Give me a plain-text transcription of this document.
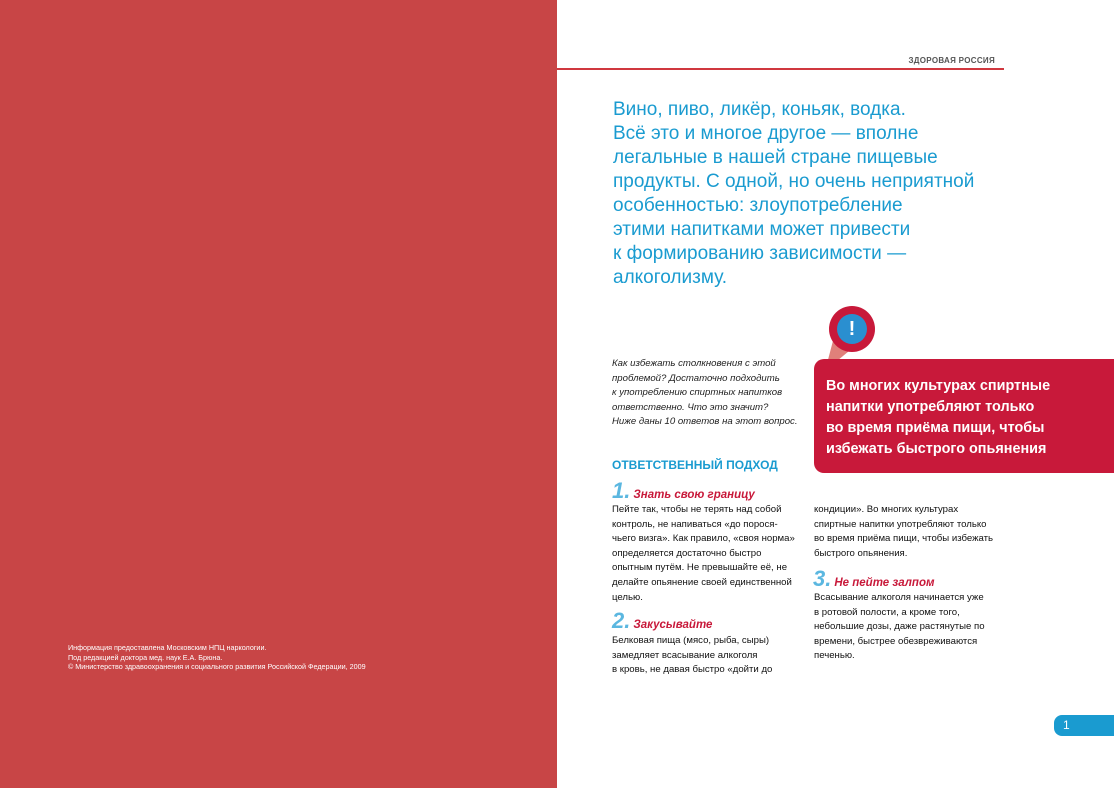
Информация предоставлена Московским НПЦ наркологии.
Под редакцией доктора мед. наук Е.А. Брюна.
© Министерство здравоохранения и социального развития Российской Федерации, 2009
ЗДОРОВАЯ РОССИЯ
Вино, пиво, ликёр, коньяк, водка.
Всё это и многое другое — вполне
легальные в нашей стране пищевые
продукты. С одной, но очень неприятной
особенностью: злоупотребление
этими напитками может привести
к формированию зависимости —
алкоголизму.
Как избежать столкновения с этой
проблемой? Достаточно подходить
к употреблению спиртных напитков
ответственно. Что это значит?
Ниже даны 10 ответов на этот вопрос.
!
Во многих культурах спиртные
напитки употребляют только
во время приёма пищи, чтобы
избежать быстрого опьянения
ОТВЕТСТВЕННЫЙ ПОДХОД
1. Знать свою границу
Пейте так, чтобы не терять над собой
контроль, не напиваться «до порося-
чьего визга». Как правило, «своя норма»
определяется достаточно быстро
опытным путём. Не превышайте её, не
делайте опьянение своей единственной
целью.
2. Закусывайте
Белковая пища (мясо, рыба, сыры)
замедляет всасывание алкоголя
в кровь, не давая быстро «дойти до
кондиции». Во многих культурах
спиртные напитки употребляют только
во время приёма пищи, чтобы избежать
быстрого опьянения.
3. Не пейте залпом
Всасывание алкоголя начинается уже
в ротовой полости, а кроме того,
небольшие дозы, даже растянутые по
времени, быстрее обезвреживаются
печенью.
1
